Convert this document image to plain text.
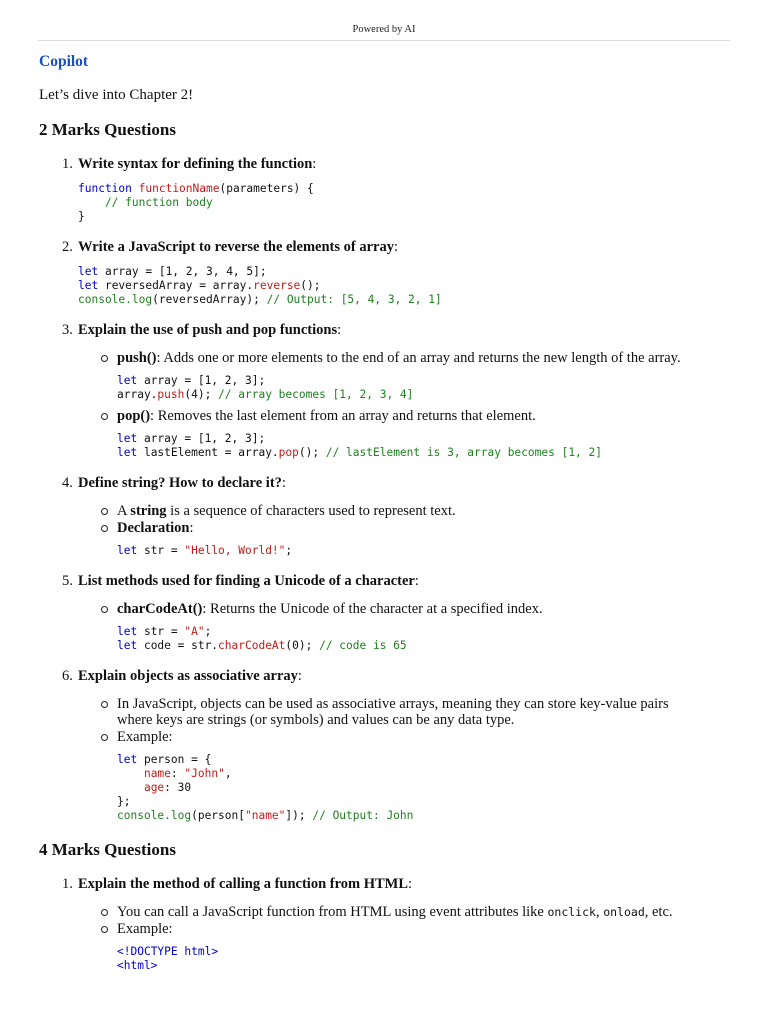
Powered by AI

Copilot

Let’s dive into Chapter 2!

2 Marks Questions
1. Write syntax for defining the function:
function functionName(parameters) {
// function body
}
2. Write a JavaScript to reverse the elements of array:
let array = [1, 2, 3, 4, 5];
let reversedArray = array.reverse();
console.log(reversedArray); // Output: [5, 4, 3, 2, 1]
3. Explain the use of push and pop functions:
push(): Adds one or more elements to the end of an array and returns the new length of the array.
let array = [1, 2, 3];
array.push(4); // array becomes [1, 2, 3, 4]
pop(): Removes the last element from an array and returns that element.
let array = [1, 2, 3];
let lastElement = array.pop(); // lastElement is 3, array becomes [1, 2]
4. Define string? How to declare it?:
A string is a sequence of characters used to represent text.
Declaration:
let str = "Hello, World!";
5. List methods used for finding a Unicode of a character:
charCodeAt(): Returns the Unicode of the character at a specified index.
let str = "A";
let code = str.charCodeAt(0); // code is 65
6. Explain objects as associative array:
In JavaScript, objects can be used as associative arrays, meaning they can store key-value pairs
where keys are strings (or symbols) and values can be any data type.
Example:
let person = {
name: "John",
age: 30
};
console.log(person["name"]); // Output: John
4 Marks Questions
1. Explain the method of calling a function from HTML:
You can call a JavaScript function from HTML using event attributes like onclick, onload, etc.
Example:
<!DOCTYPE html>
<html>
